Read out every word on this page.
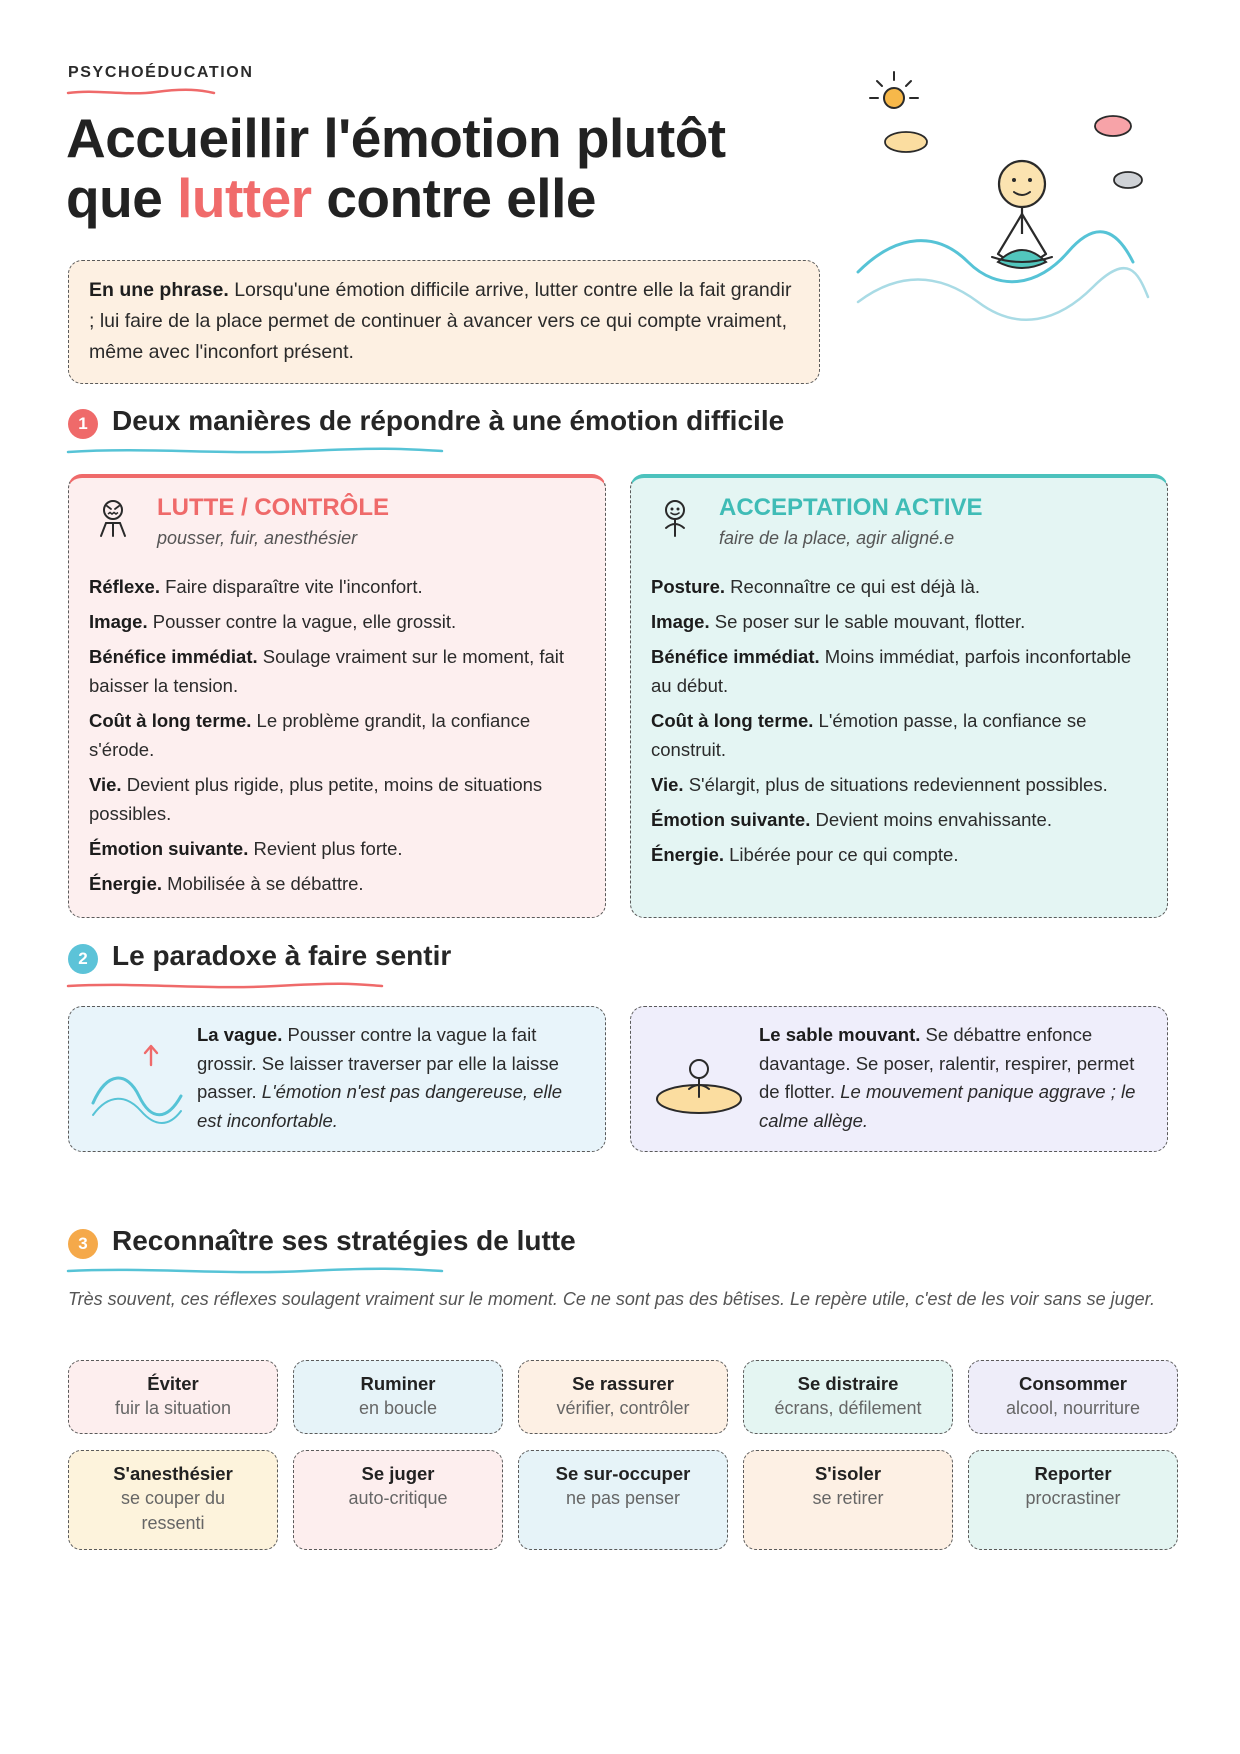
PSYCHOÉDUCATION
Accueillir l'émotion plutôt
que lutter contre elle
En une phrase. Lorsqu'une émotion difficile arrive, lutter contre elle la fait grandir ; lui faire de la place permet de continuer à avancer vers ce qui compte vraiment, même avec l'inconfort présent.
1 Deux manières de répondre à une émotion difficile
LUTTE / CONTRÔLE
pousser, fuir, anesthésier
Réflexe. Faire disparaître vite l'inconfort.
Image. Pousser contre la vague, elle grossit.
Bénéfice immédiat. Soulage vraiment sur le moment, fait baisser la tension.
Coût à long terme. Le problème grandit, la confiance s'érode.
Vie. Devient plus rigide, plus petite, moins de situations possibles.
Émotion suivante. Revient plus forte.
Énergie. Mobilisée à se débattre.
ACCEPTATION ACTIVE
faire de la place, agir aligné.e
Posture. Reconnaître ce qui est déjà là.
Image. Se poser sur le sable mouvant, flotter.
Bénéfice immédiat. Moins immédiat, parfois inconfortable au début.
Coût à long terme. L'émotion passe, la confiance se construit.
Vie. S'élargit, plus de situations redeviennent possibles.
Émotion suivante. Devient moins envahissante.
Énergie. Libérée pour ce qui compte.
2 Le paradoxe à faire sentir
La vague. Pousser contre la vague la fait grossir. Se laisser traverser par elle la laisse passer. L'émotion n'est pas dangereuse, elle est inconfortable.
Le sable mouvant. Se débattre enfonce davantage. Se poser, ralentir, respirer, permet de flotter. Le mouvement panique aggrave ; le calme allège.
3 Reconnaître ses stratégies de lutte
Très souvent, ces réflexes soulagent vraiment sur le moment. Ce ne sont pas des bêtises. Le repère utile, c'est de les voir sans se juger.
Éviter
fuir la situation
Ruminer
en boucle
Se rassurer
vérifier, contrôler
Se distraire
écrans, défilement
Consommer
alcool, nourriture
S'anesthésier
se couper du ressenti
Se juger
auto-critique
Se sur-occuper
ne pas penser
S'isoler
se retirer
Reporter
procrastiner
